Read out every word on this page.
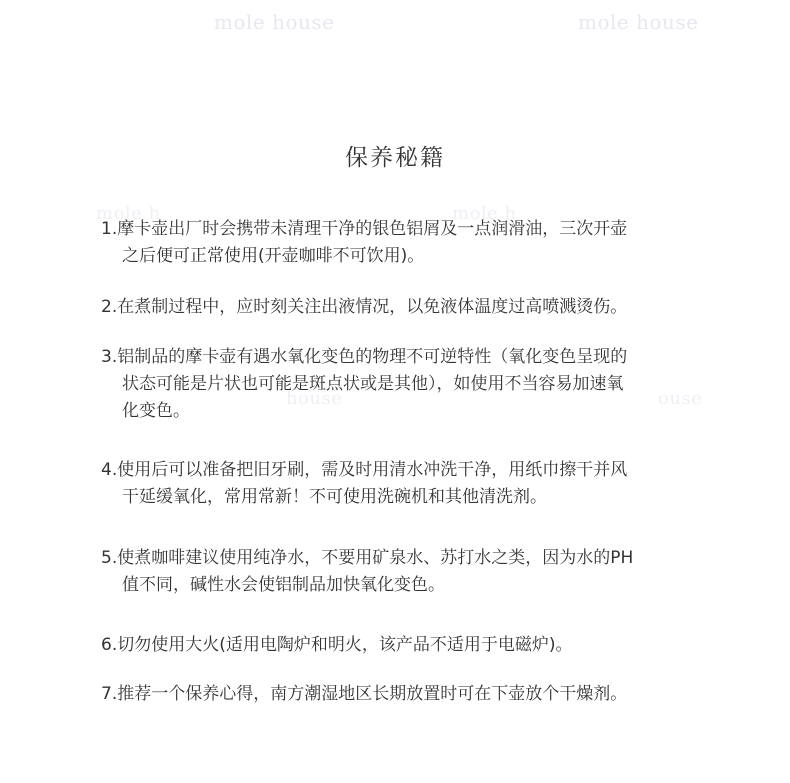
mole house	mole house
mole h	mole h
house	ouse
保养秘籍

1.摩卡壶出厂时会携带未清理干净的银色铝屑及一点润滑油，三次开壶
之后便可正常使用(开壶咖啡不可饮用)。

2.在煮制过程中，应时刻关注出液情况，以免液体温度过高喷溅烫伤。

3.铝制品的摩卡壶有遇水氧化变色的物理不可逆特性（氧化变色呈现的
状态可能是片状也可能是斑点状或是其他），如使用不当容易加速氧
化变色。

4.使用后可以准备把旧牙刷，需及时用清水冲洗干净，用纸巾擦干并风
干延缓氧化，常用常新！不可使用洗碗机和其他清洗剂。

5.使煮咖啡建议使用纯净水，不要用矿泉水、苏打水之类，因为水的PH
值不同，碱性水会使铝制品加快氧化变色。

6.切勿使用大火(适用电陶炉和明火，该产品不适用于电磁炉)。

7.推荐一个保养心得，南方潮湿地区长期放置时可在下壶放个干燥剂。
